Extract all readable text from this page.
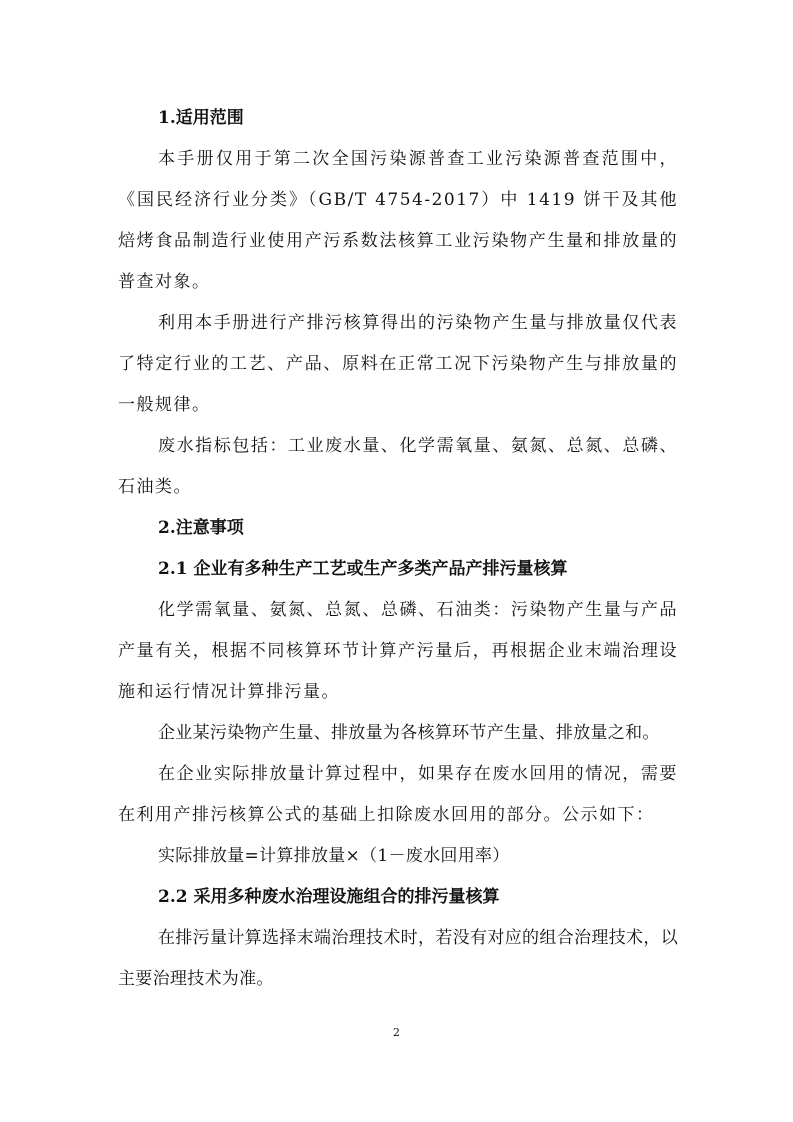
1.适用范围

本手册仅用于第二次全国污染源普查工业污染源普查范围中，《国民经济行业分类》（GB/T 4754-2017）中 1419 饼干及其他焙烤食品制造行业使用产污系数法核算工业污染物产生量和排放量的普查对象。

利用本手册进行产排污核算得出的污染物产生量与排放量仅代表了特定行业的工艺、产品、原料在正常工况下污染物产生与排放量的一般规律。

废水指标包括：工业废水量、化学需氧量、氨氮、总氮、总磷、石油类。

2.注意事项
2.1 企业有多种生产工艺或生产多类产品产排污量核算

化学需氧量、氨氮、总氮、总磷、石油类：污染物产生量与产品产量有关，根据不同核算环节计算产污量后，再根据企业末端治理设施和运行情况计算排污量。

企业某污染物产生量、排放量为各核算环节产生量、排放量之和。

在企业实际排放量计算过程中，如果存在废水回用的情况，需要在利用产排污核算公式的基础上扣除废水回用的部分。公示如下：

实际排放量=计算排放量×（1－废水回用率）

2.2 采用多种废水治理设施组合的排污量核算

在排污量计算选择末端治理技术时，若没有对应的组合治理技术，以主要治理技术为准。

2
